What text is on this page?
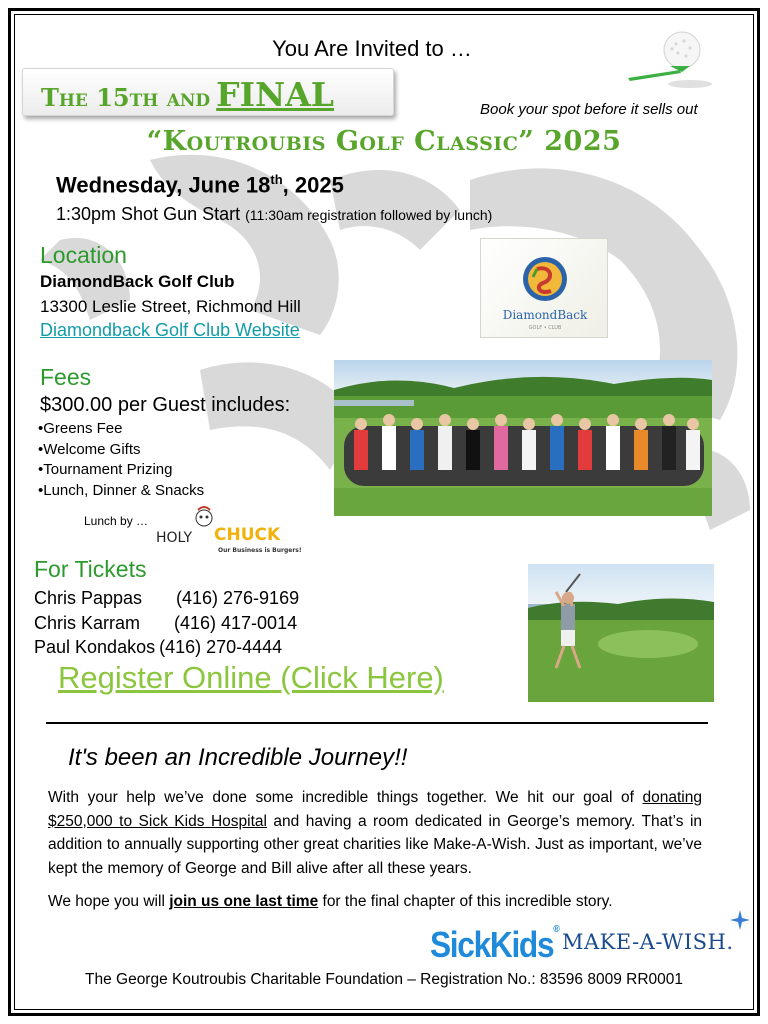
You Are Invited to …
The 15th and FINAL	Book your spot before it sells out
“Koutroubis Golf Classic” 2025
Wednesday, June 18th, 2025
1:30pm Shot Gun Start (11:30am registration followed by lunch)
Location
DiamondBack Golf Club
13300 Leslie Street, Richmond Hill
Diamondback Golf Club Website
DiamondBack
GOLF • CLUB
Fees
$300.00 per Guest includes:
•Greens Fee
•Welcome Gifts
•Tournament Prizing
•Lunch, Dinner & Snacks
Lunch by …
HOLY CHUCK
Our Business is Burgers!
For Tickets
Chris Pappas (416) 276-9169
Chris Karram (416) 417-0014
Paul Kondakos (416) 270-4444
Register Online (Click Here)
It's been an Incredible Journey!!

With your help we’ve done some incredible things together. We hit our goal of donating $250,000 to Sick Kids Hospital and having a room dedicated in George’s memory. That’s in addition to annually supporting other great charities like Make-A-Wish. Just as important, we’ve kept the memory of George and Bill alive after all these years.

We hope you will join us one last time for the final chapter of this incredible story.

SickKids®
MAKE-A-WISH.
The George Koutroubis Charitable Foundation – Registration No.: 83596 8009 RR0001
